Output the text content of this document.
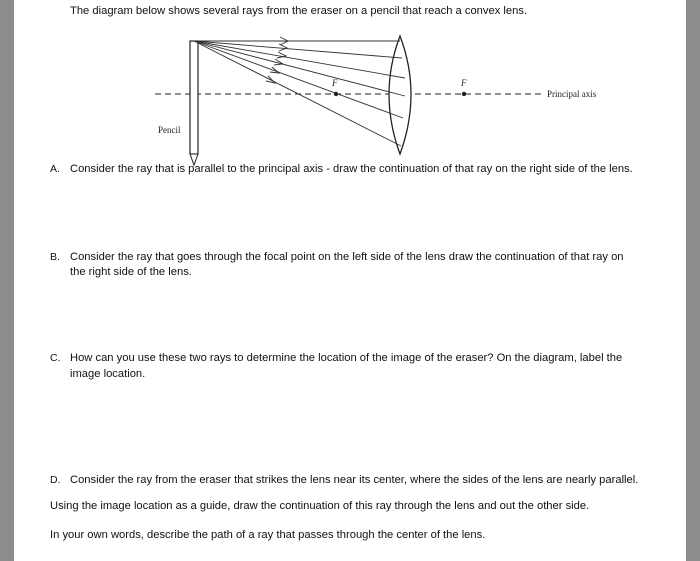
The diagram below shows several rays from the eraser on a pencil that reach a convex lens.
F	F
Principal axis
Pencil
A. Consider the ray that is parallel to the principal axis - draw the continuation of that ray on the right side of the lens.
B. Consider the ray that goes through the focal point on the left side of the lens draw the continuation of that ray on
the right side of the lens.
C. How can you use these two rays to determine the location of the image of the eraser? On the diagram, label the
image location.
D. Consider the ray from the eraser that strikes the lens near its center, where the sides of the lens are nearly parallel.
Using the image location as a guide, draw the continuation of this ray through the lens and out the other side.
In your own words, describe the path of a ray that passes through the center of the lens.
